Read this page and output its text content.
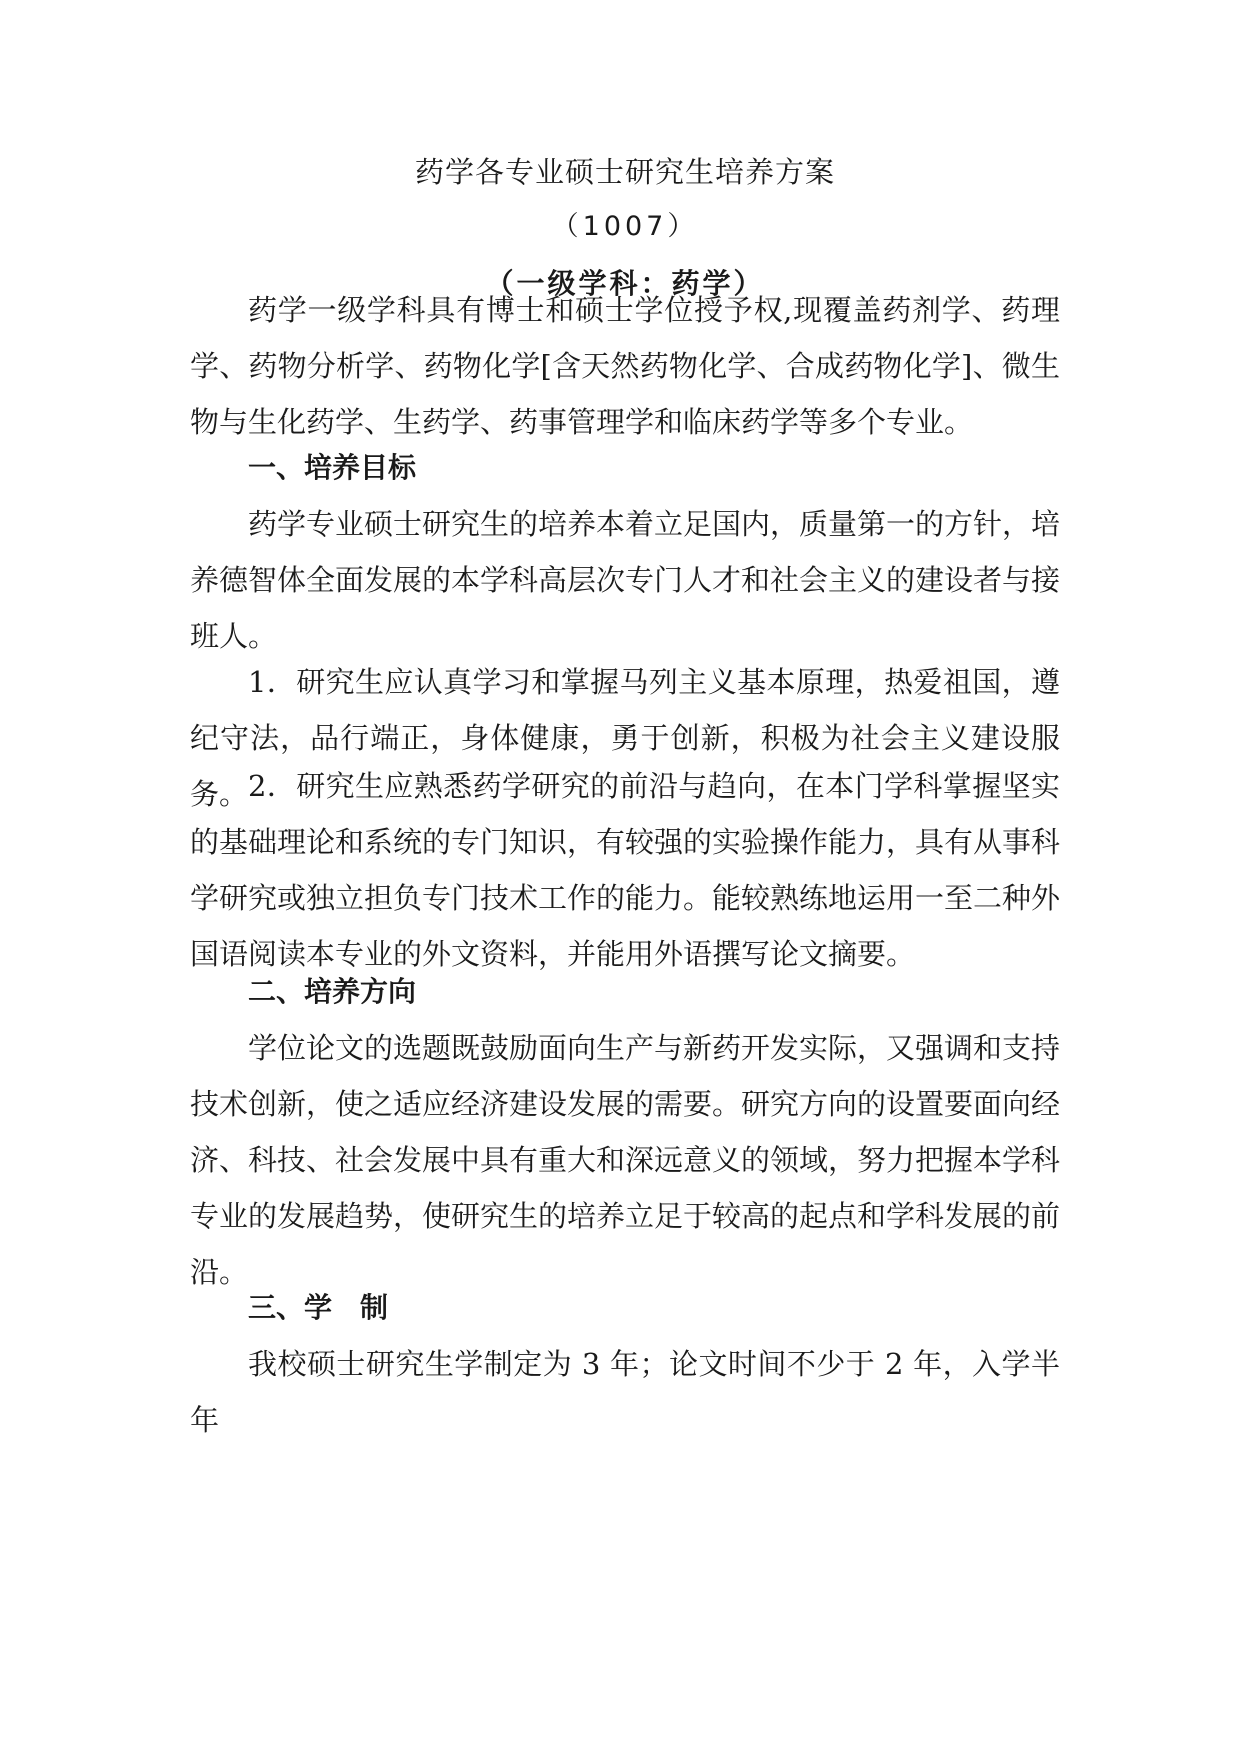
药学各专业硕士研究生培养方案
（1007）
（一级学科：药学）

药学一级学科具有博士和硕士学位授予权,现覆盖药剂学、药理学、药物分析学、药物化学[含天然药物化学、合成药物化学]、微生物与生化药学、生药学、药事管理学和临床药学等多个专业。

一、培养目标

药学专业硕士研究生的培养本着立足国内，质量第一的方针，培养德智体全面发展的本学科高层次专门人才和社会主义的建设者与接班人。

1．研究生应认真学习和掌握马列主义基本原理，热爱祖国，遵纪守法，品行端正，身体健康，勇于创新，积极为社会主义建设服务。 2．研究生应熟悉药学研究的前沿与趋向，在本门学科掌握坚实的基础理论和系统的专门知识，有较强的实验操作能力，具有从事科学研究或独立担负专门技术工作的能力。能较熟练地运用一至二种外国语阅读本专业的外文资料，并能用外语撰写论文摘要。

二、培养方向

学位论文的选题既鼓励面向生产与新药开发实际，又强调和支持技术创新，使之适应经济建设发展的需要。研究方向的设置要面向经济、科技、社会发展中具有重大和深远意义的领域，努力把握本学科专业的发展趋势，使研究生的培养立足于较高的起点和学科发展的前沿。

三、学　制

我校硕士研究生学制定为 3 年；论文时间不少于 2 年，入学半年
